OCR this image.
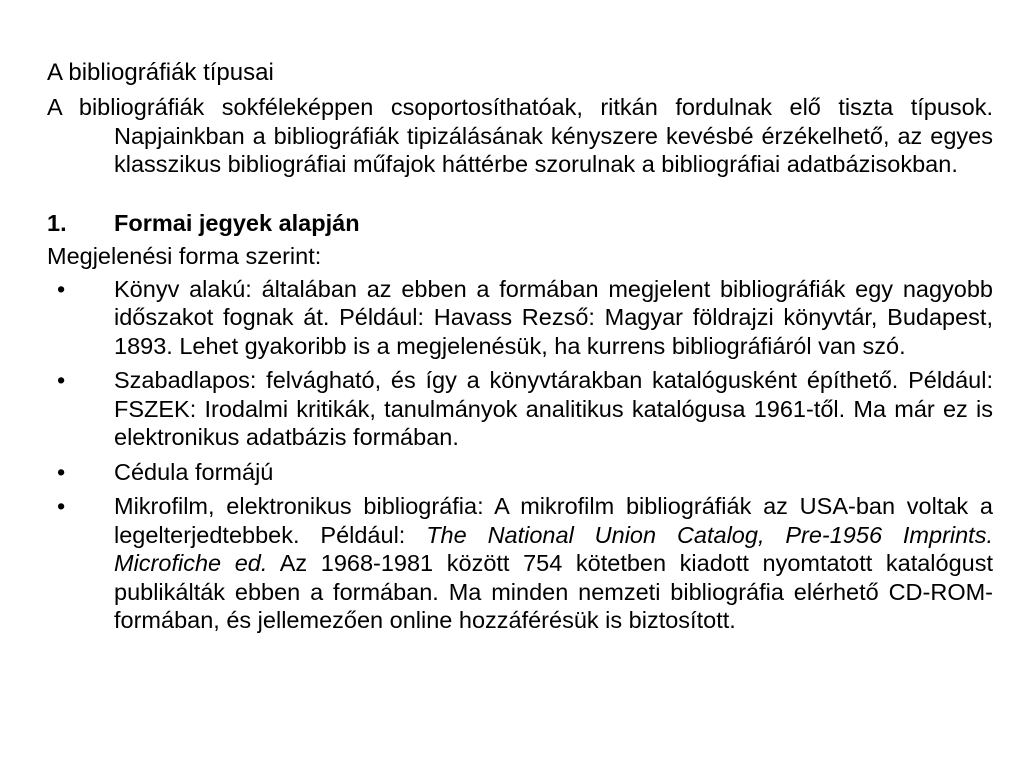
A bibliográfiák típusai

A bibliográfiák sokféleképpen csoportosíthatóak, ritkán fordulnak elő tiszta típusok. Napjainkban a bibliográfiák tipizálásának kényszere kevésbé érzékelhető, az egyes klasszikus bibliográfiai műfajok háttérbe szorulnak a bibliográfiai adatbázisokban.

1.	Formai jegyek alapján

Megjelenési forma szerint:

•	Könyv alakú: általában az ebben a formában megjelent bibliográfiák egy nagyobb időszakot fognak át. Például: Havass Rezső: Magyar földrajzi könyvtár, Budapest, 1893. Lehet gyakoribb is a megjelenésük, ha kurrens bibliográfiáról van szó.
•	Szabadlapos: felvágható, és így a könyvtárakban katalógusként építhető. Például: FSZEK: Irodalmi kritikák, tanulmányok analitikus katalógusa 1961-től. Ma már ez is elektronikus adatbázis formában.
•	Cédula formájú
•	Mikrofilm, elektronikus bibliográfia: A mikrofilm bibliográfiák az USA-ban voltak a legelterjedtebbek. Például: The National Union Catalog, Pre-1956 Imprints. Microfiche ed. Az 1968-1981 között 754 kötetben kiadott nyomtatott katalógust publikálták ebben a formában. Ma minden nemzeti bibliográfia elérhető CD-ROM- formában, és jellemezően online hozzáférésük is biztosított.
